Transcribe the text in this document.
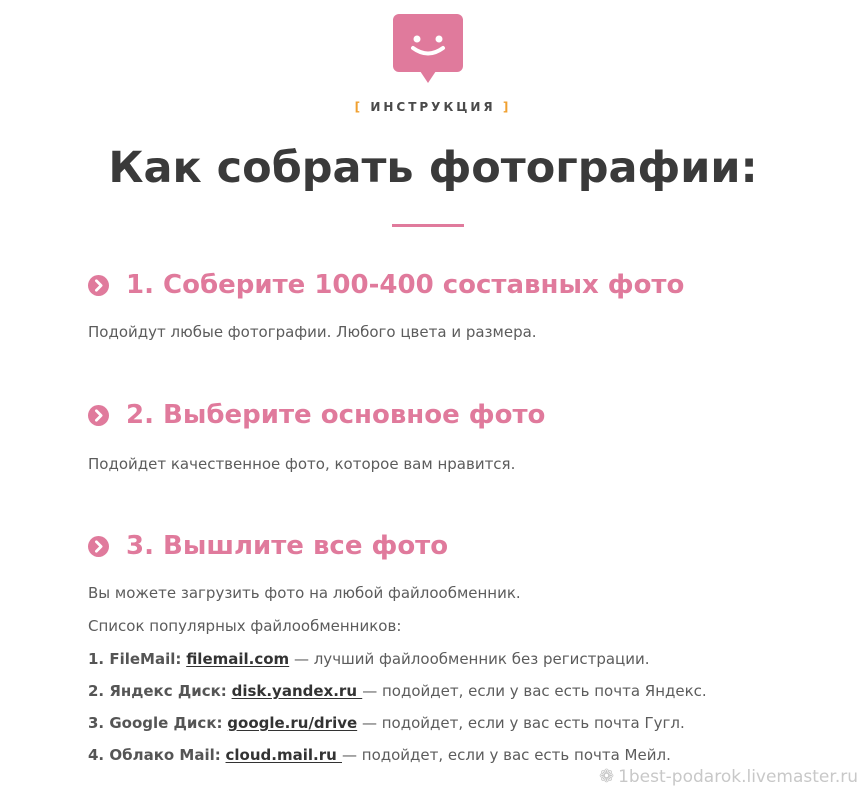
[ ИНСТРУКЦИЯ ]
Как собрать фотографии:
1. Соберите 100-400 составных фото
Подойдут любые фотографии. Любого цвета и размера.
2. Выберите основное фото
Подойдет качественное фото, которое вам нравится.
3. Вышлите все фото
Вы можете загрузить фото на любой файлообменник.
Список популярных файлообменников:
1. FileMail: filemail.com — лучший файлообменник без регистрации.
2. Яндекс Диск: disk.yandex.ru — подойдет, если у вас есть почта Яндекс.
3. Google Диск: google.ru/drive — подойдет, если у вас есть почта Гугл.
4. Облако Mail: cloud.mail.ru — подойдет, если у вас есть почта Мейл.
❁ 1best-podarok.livemaster.ru
